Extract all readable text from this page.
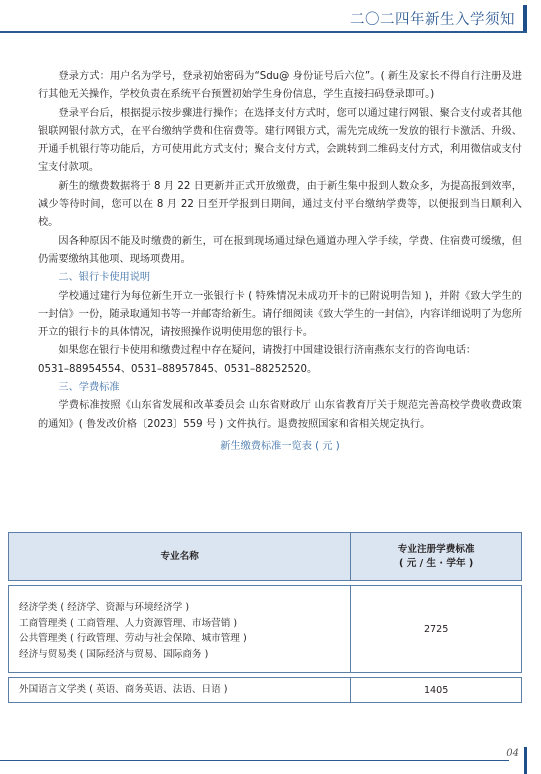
二〇二四年新生入学须知

登录方式：用户名为学号，登录初始密码为“Sdu@ 身份证号后六位”。( 新生及家长不得自行注册及进行其他无关操作，学校负责在系统平台预置初始学生身份信息，学生直接扫码登录即可。)

登录平台后，根据提示按步骤进行操作；在选择支付方式时，您可以通过建行网银、聚合支付或者其他银联网银付款方式，在平台缴纳学费和住宿费等。建行网银方式，需先完成统一发放的银行卡激活、升级、开通手机银行等功能后，方可使用此方式支付；聚合支付方式，会跳转到二维码支付方式，利用微信或支付宝支付款项。

新生的缴费数据将于 8 月 22 日更新并正式开放缴费，由于新生集中报到人数众多，为提高报到效率，减少等待时间，您可以在 8 月 22 日至开学报到日期间，通过支付平台缴纳学费等，以便报到当日顺利入校。

因各种原因不能及时缴费的新生，可在报到现场通过绿色通道办理入学手续，学费、住宿费可缓缴，但仍需要缴纳其他项、现场项费用。

二、银行卡使用说明

学校通过建行为每位新生开立一张银行卡 ( 特殊情况未成功开卡的已附说明告知 )，并附《致大学生的一封信》一份，随录取通知书等一并邮寄给新生。请仔细阅读《致大学生的一封信》，内容详细说明了为您所开立的银行卡的具体情况，请按照操作说明使用您的银行卡。

如果您在银行卡使用和缴费过程中存在疑问，请拨打中国建设银行济南燕东支行的咨询电话：

0531–88954554、0531–88957845、0531–88252520。

三、学费标准

学费标准按照《山东省发展和改革委员会 山东省财政厅 山东省教育厅关于规范完善高校学费收费政策的通知》( 鲁发改价格〔2023〕559 号 ) 文件执行。退费按照国家和省相关规定执行。

新生缴费标准一览表 ( 元 )

专业名称	专业注册学费标准
( 元 / 生 · 学年 )

经济学类 ( 经济学、资源与环境经济学 )
工商管理类 ( 工商管理、人力资源管理、市场营销 )
公共管理类 ( 行政管理、劳动与社会保障、城市管理 )
经济与贸易类 ( 国际经济与贸易、国际商务 )	2725

外国语言文学类 ( 英语、商务英语、法语、日语 )	1405
04
